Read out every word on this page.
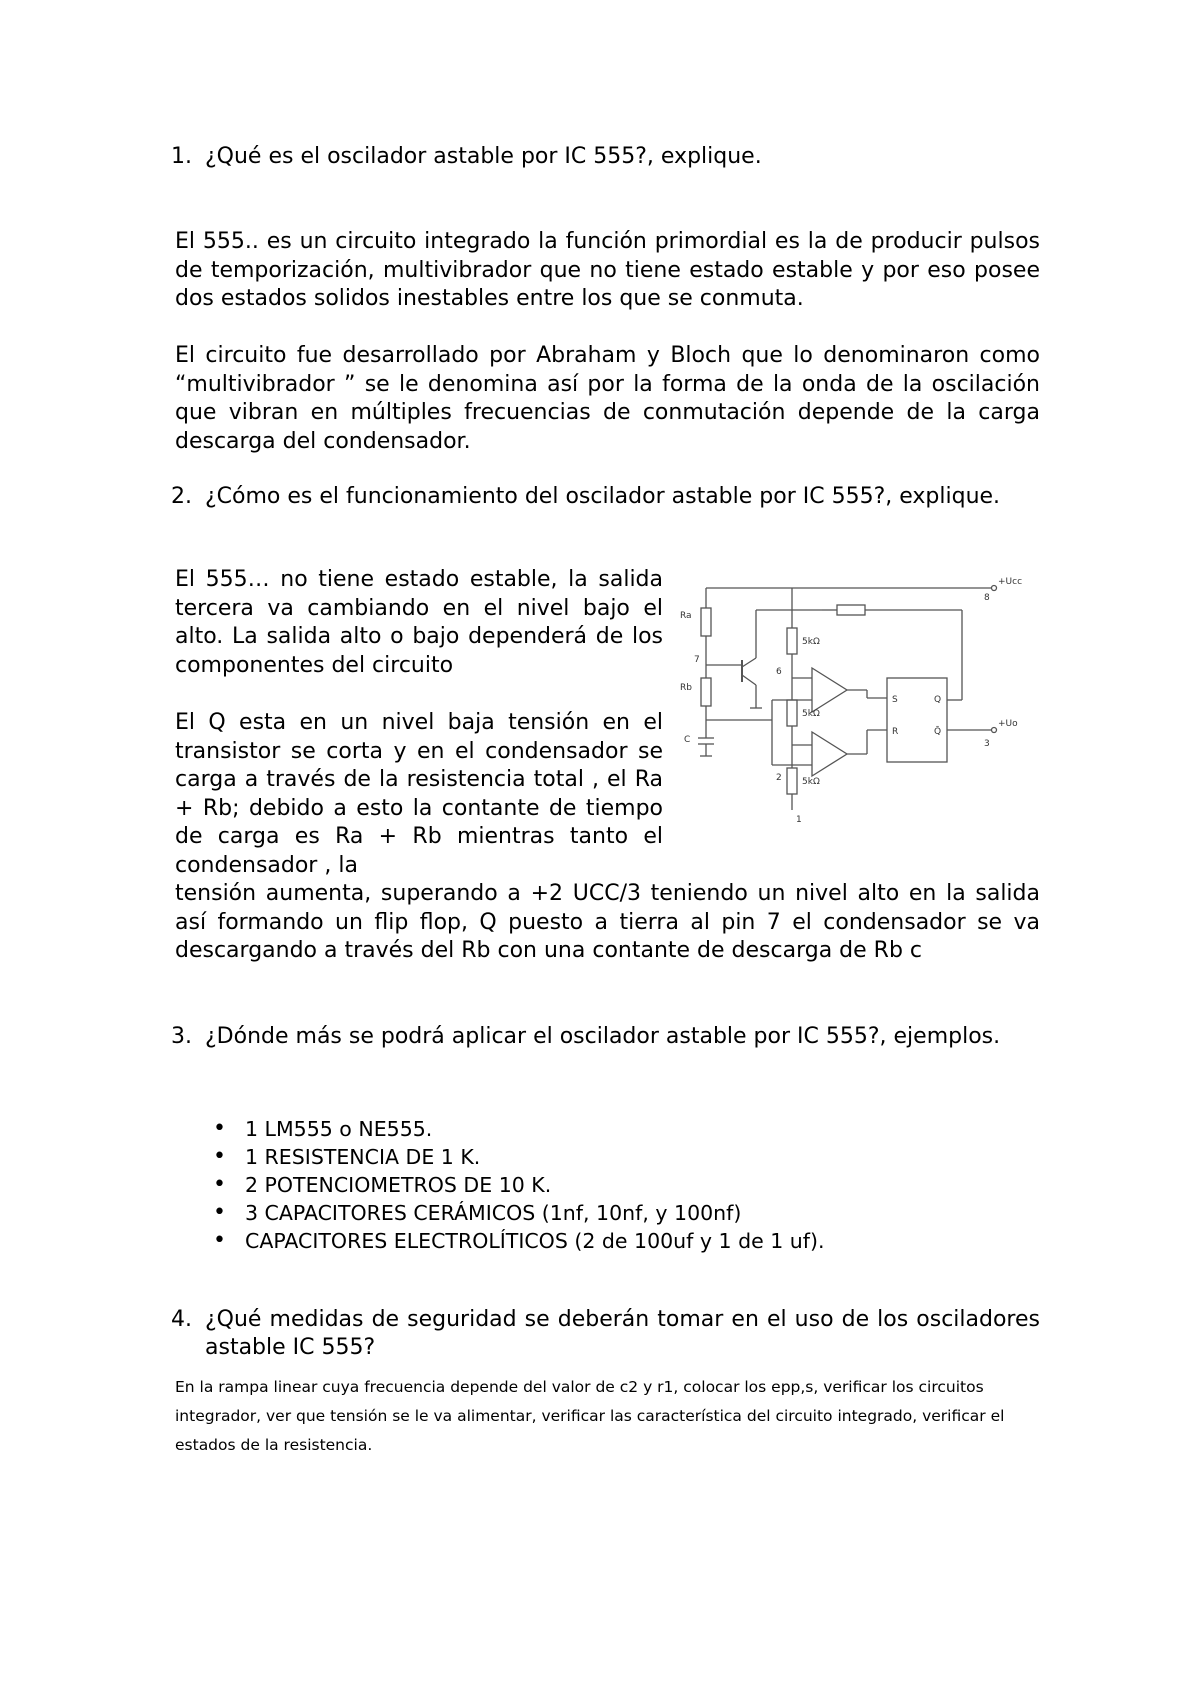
1. ¿Qué es el oscilador astable por IC 555?, explique.
El 555.. es un circuito integrado la función primordial es la de producir pulsos de temporización, multivibrador que no tiene estado estable y por eso posee dos estados solidos inestables entre los que se conmuta.
El circuito fue desarrollado por Abraham y Bloch que lo denominaron como “multivibrador ” se le denomina así por la forma de la onda de la oscilación que vibran en múltiples frecuencias de conmutación depende de la carga descarga del condensador.
2. ¿Cómo es el funcionamiento del oscilador astable por IC 555?, explique.
El 555… no tiene estado estable, la salida tercera va cambiando en el nivel bajo el alto. La salida alto o bajo dependerá de los componentes del circuito
El Q esta en un nivel baja tensión en el transistor se corta y en el condensador se carga a través de la resistencia total , el Ra + Rb; debido a esto la contante de tiempo de carga es Ra + Rb mientras tanto el condensador , la
tensión aumenta, superando a +2 UCC/3 teniendo un nivel alto en la salida así formando un flip flop, Q puesto a tierra al pin 7 el condensador se va descargando a través del Rb con una contante de descarga de Rb c
Ra
Rb
C
5kΩ
5kΩ
5kΩ
8
7
6
2
3
1
+Ucc
+Uo
S
R
Q
Q̄
3. ¿Dónde más se podrá aplicar el oscilador astable por IC 555?, ejemplos.
• 1 LM555 o NE555.
• 1 RESISTENCIA DE 1 K.
• 2 POTENCIOMETROS DE 10 K.
• 3 CAPACITORES CERÁMICOS (1nf, 10nf, y 100nf)
• CAPACITORES ELECTROLÍTICOS (2 de 100uf y 1 de 1 uf).
4. ¿Qué medidas de seguridad se deberán tomar en el uso de los osciladores astable IC 555?
En la rampa linear cuya frecuencia depende del valor de c2 y r1, colocar los epp,s, verificar los circuitos integrador, ver que tensión se le va alimentar, verificar las característica del circuito integrado, verificar el estados de la resistencia.
